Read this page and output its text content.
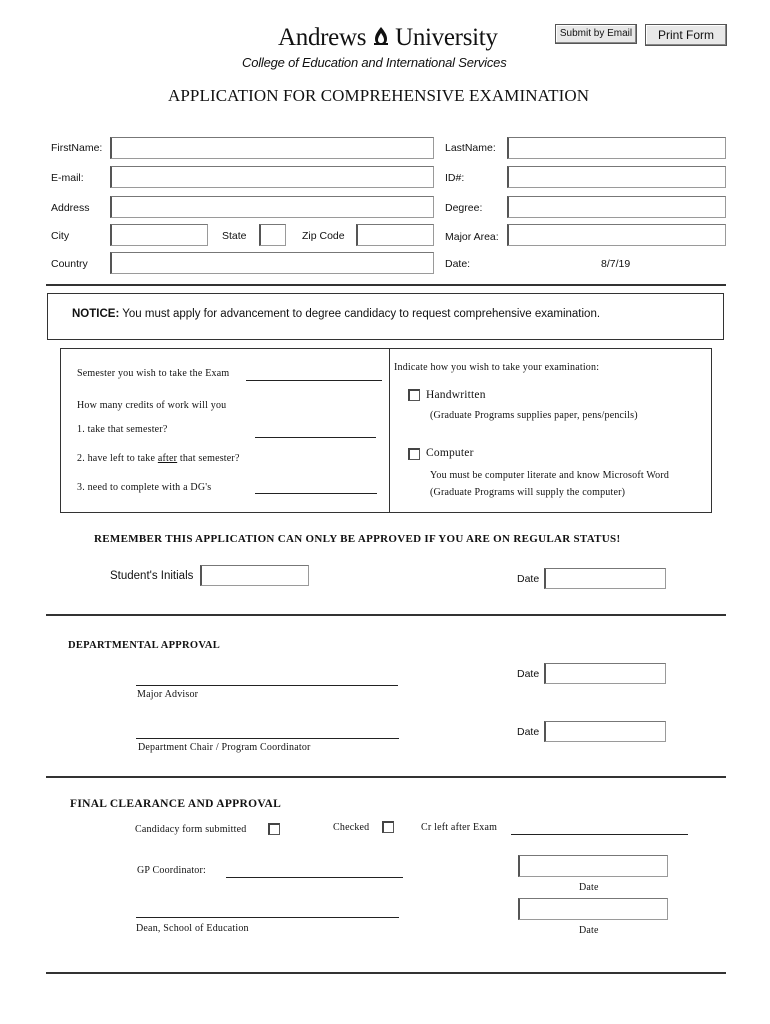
Andrews University
College of Education and International Services
Submit by Email	Print Form
APPLICATION FOR COMPREHENSIVE EXAMINATION
FirstName:	LastName:
E-mail:	ID#:
Address	Degree:
City	State	Zip Code	Major Area:
Country	Date:	8/7/19
NOTICE: You must apply for advancement to degree candidacy to request comprehensive examination.
Semester you wish to take the Exam
How many credits of work will you
1. take that semester?
2. have left to take after that semester?
3. need to complete with a DG's
Indicate how you wish to take your examination:
Handwritten
(Graduate Programs supplies paper, pens/pencils)
Computer
You must be computer literate and know Microsoft Word
(Graduate Programs will supply the computer)
REMEMBER THIS APPLICATION CAN ONLY BE APPROVED IF YOU ARE ON REGULAR STATUS!
Student's Initials	Date
DEPARTMENTAL APPROVAL
Date
Major Advisor
Date
Department Chair / Program Coordinator
FINAL CLEARANCE AND APPROVAL
Candidacy form submitted	Checked	Cr left after Exam
GP Coordinator:
Date
Dean, School of Education	Date
